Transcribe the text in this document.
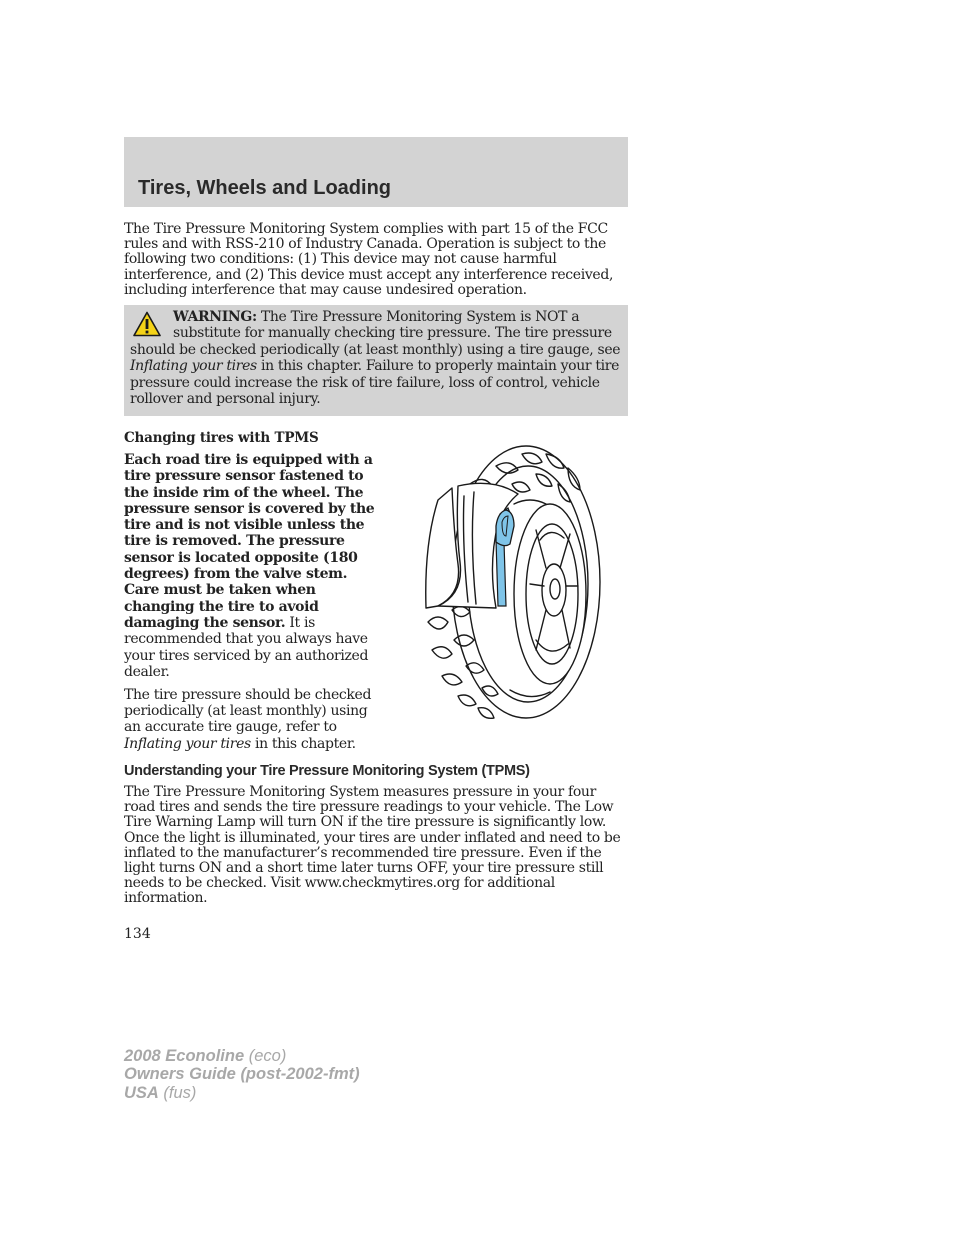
Tires, Wheels and Loading

The Tire Pressure Monitoring System complies with part 15 of the FCC rules and with RSS-210 of Industry Canada. Operation is subject to the following two conditions: (1) This device may not cause harmful interference, and (2) This device must accept any interference received, including interference that may cause undesired operation.

WARNING: The Tire Pressure Monitoring System is NOT a substitute for manually checking tire pressure. The tire pressure should be checked periodically (at least monthly) using a tire gauge, see Inflating your tires in this chapter. Failure to properly maintain your tire pressure could increase the risk of tire failure, loss of control, vehicle rollover and personal injury.

Changing tires with TPMS

Each road tire is equipped with a tire pressure sensor fastened to the inside rim of the wheel. The pressure sensor is covered by the tire and is not visible unless the tire is removed. The pressure sensor is located opposite (180 degrees) from the valve stem. Care must be taken when changing the tire to avoid damaging the sensor. It is recommended that you always have your tires serviced by an authorized dealer.

The tire pressure should be checked periodically (at least monthly) using an accurate tire gauge, refer to Inflating your tires in this chapter.

Understanding your Tire Pressure Monitoring System (TPMS)

The Tire Pressure Monitoring System measures pressure in your four road tires and sends the tire pressure readings to your vehicle. The Low Tire Warning Lamp will turn ON if the tire pressure is significantly low. Once the light is illuminated, your tires are under inflated and need to be inflated to the manufacturer’s recommended tire pressure. Even if the light turns ON and a short time later turns OFF, your tire pressure still needs to be checked. Visit www.checkmytires.org for additional information.

134

2008 Econoline (eco)
Owners Guide (post-2002-fmt)
USA (fus)
